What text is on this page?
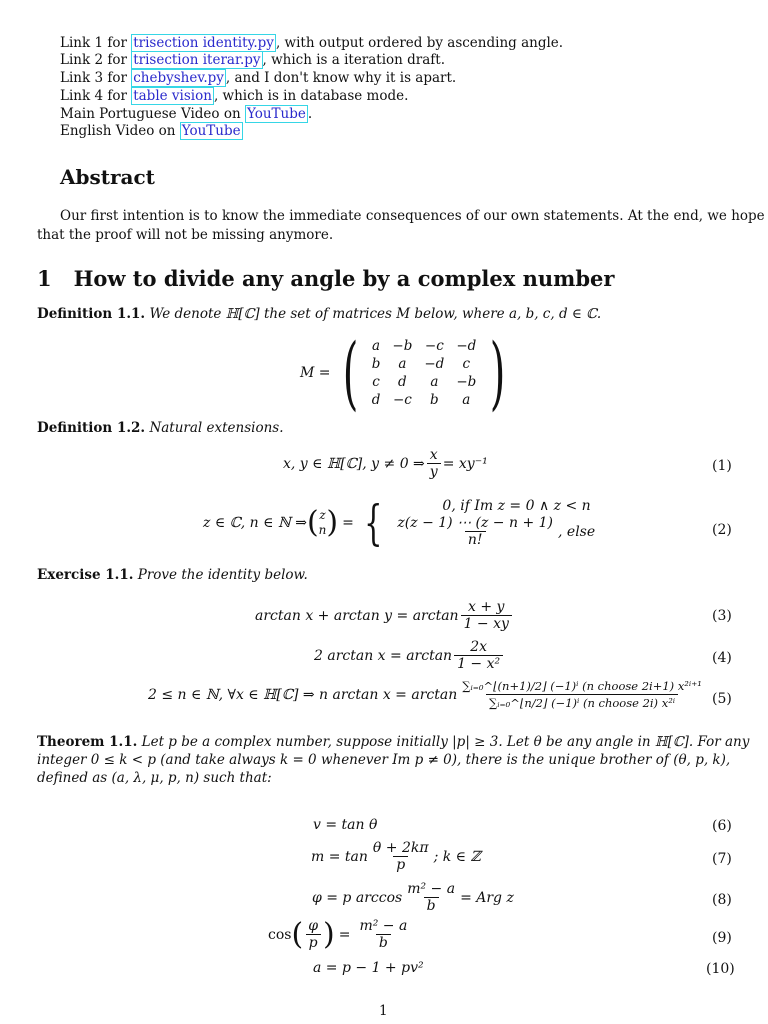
Link 1 for trisection identity.py , with output ordered by ascending angle.
Link 2 for trisection iterar.py , which is a iteration draft.
Link 3 for chebyshev.py , and I don't know why it is apart.
Link 4 for table vision , which is in database mode.
Main Portuguese Video on YouTube .
English Video on YouTube
Abstract
Our first intention is to know the immediate consequences of our own statements. At the end, we hope
that the proof will not be missing anymore.
1 How to divide any angle by a complex number
Definition 1.1. We denote ℍ[ℂ] the set of matrices M below, where a, b, c, d ∈ ℂ.
M = ( a	−b	−c	−d
b	a	−d	c
c	d	a	−b
d	−c	b	a )
Definition 1.2. Natural extensions.
x, y ∈ ℍ[ℂ], y ≠ 0 ⇒ $\frac{x}{y} = xy^{-1}$	(1)
z ∈ ℂ, n ∈ ℕ ⇒ ( z
n ) = {	0, if Im z = 0 ∧ z < n
$\frac{z(z - 1) \cdots (z - n + 1)}{n!}$ , else	(2)
Exercise 1.1. Prove the identity below.
$\arctan x + \arctan y = \arctan \frac{x + y}{1 - xy}$	(3)
2 $\arctan x = \arctan \frac{2x}{\text{1 − x²}}$	(4)
2 ≤ n ∈ ℕ, ∀x ∈ ℍ[ℂ] ⇒ n $\arctan x = \arctan \frac{\text{∑ᵢ₌₀\textasciicircum{}⌊(n+1)/2⌋ (−1)ⁱ (n choose 2i+1) x²ⁱ⁺¹}}{\text{∑ᵢ₌₀\textasciicircum{}⌊n/2⌋ (−1)ⁱ (n choose 2i) x²ⁱ}} (5)$
Theorem 1.1. Let p be a complex number, suppose initially |p| ≥ 3. Let θ be any angle in ℍ[ℂ]. For any
integer 0 ≤ k < p (and take always k = 0 whenever Im p ≠ 0), there is the unique brother of (θ, p, k),
defined as (a, λ, μ, p, n) such that:
v = tan θ	(6)
$m = \tan \frac{\theta + 2k\pi}{p}$ ; k ∈ ℤ	(7)
φ = p $\arccos \frac{\text{m² − a}}{b}$ = Arg z	(8)
cos ( $\frac{\varphi}{p}$ ) = $\frac{\text{m² − a}}{b}$	(9)
a = p − 1 + pv²	(10)
1
